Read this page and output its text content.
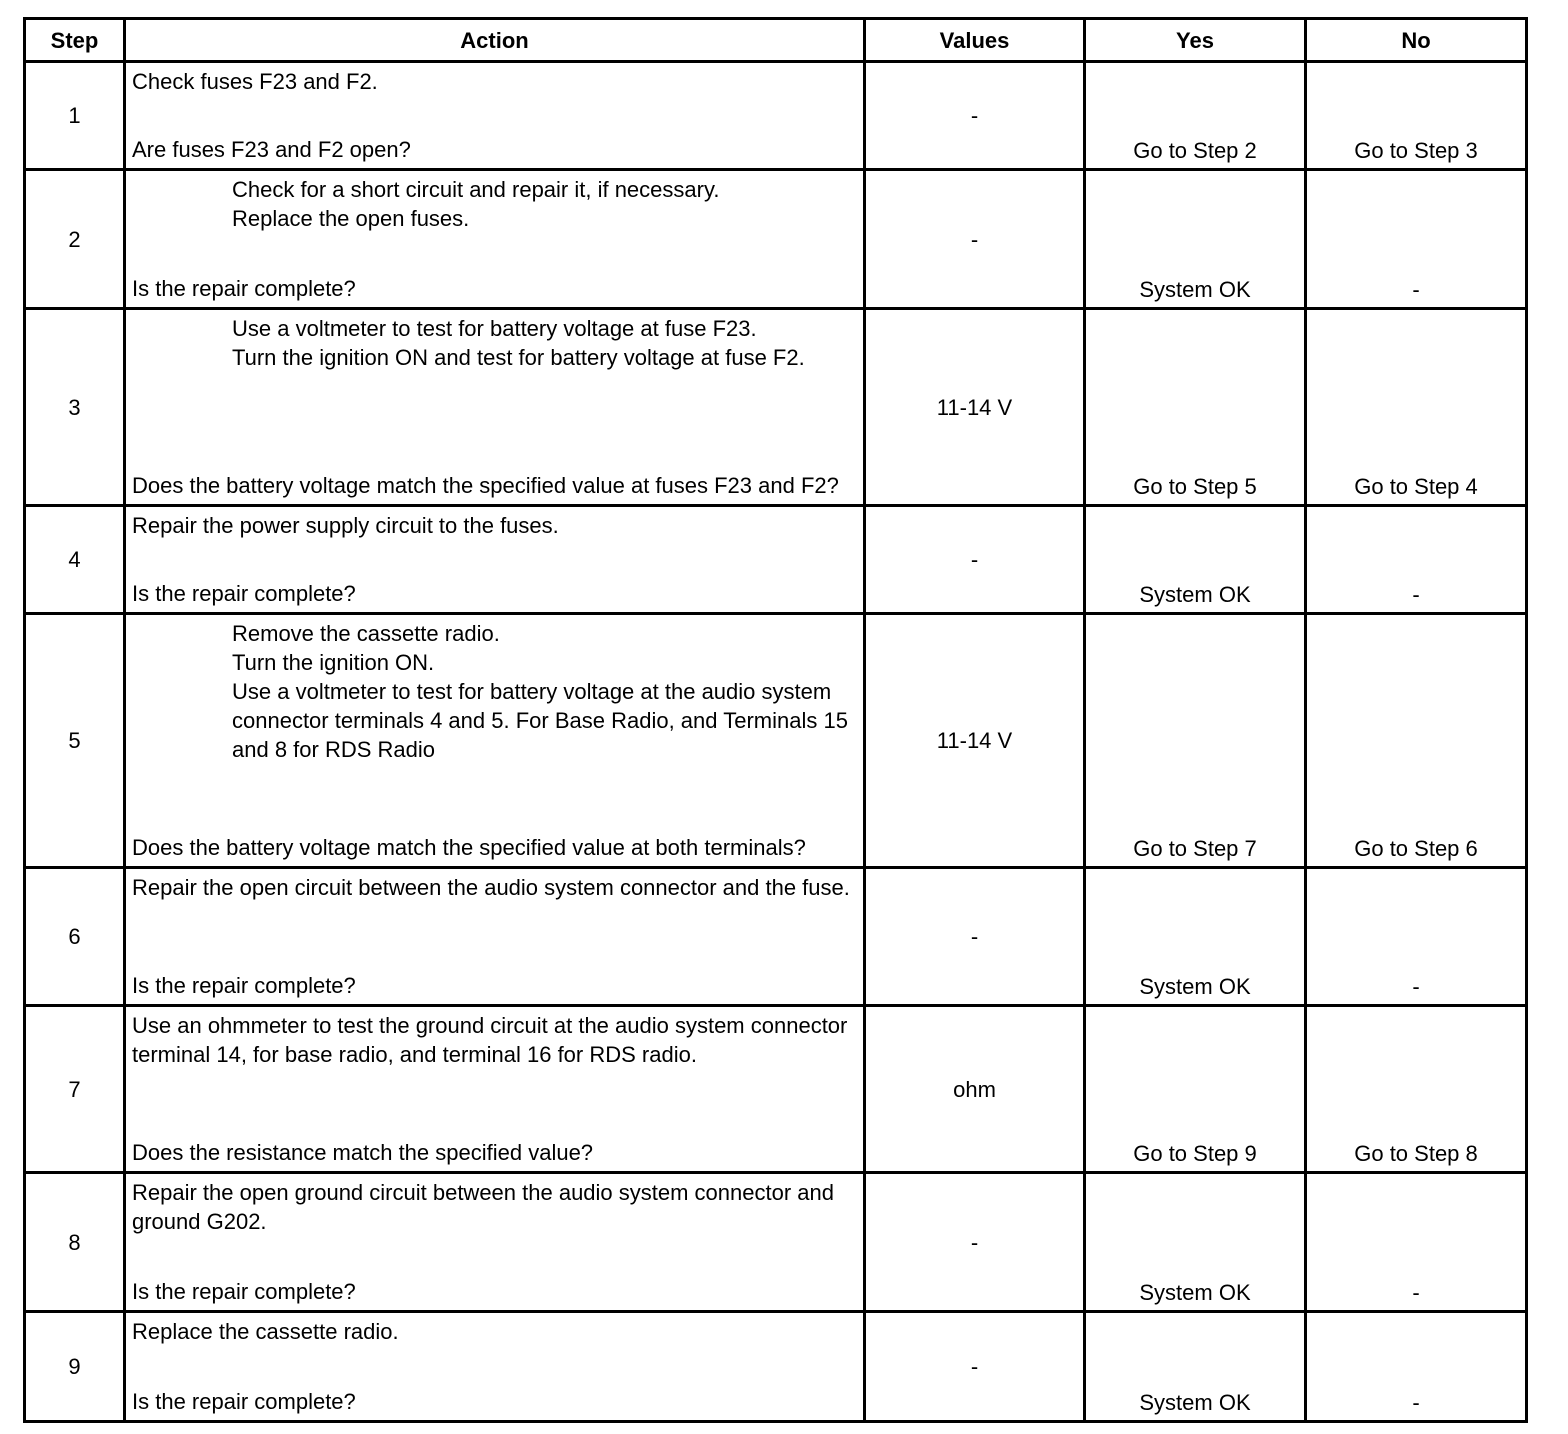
Step	Action	Values	Yes	No
1	Check fuses F23 and F2.
Are fuses F23 and F2 open?	-	Go to Step 2	Go to Step 3
2	Check for a short circuit and repair it, if necessary.
Replace the open fuses.
Is the repair complete?	-	System OK	-
3	Use a voltmeter to test for battery voltage at fuse F23.
Turn the ignition ON and test for battery voltage at fuse F2.
Does the battery voltage match the specified value at fuses F23 and F2?	11-14 V	Go to Step 5	Go to Step 4
4	Repair the power supply circuit to the fuses.
Is the repair complete?	-	System OK	-
5	Remove the cassette radio.
Turn the ignition ON.
Use a voltmeter to test for battery voltage at the audio system connector terminals 4 and 5. For Base Radio, and Terminals 15 and 8 for RDS Radio
Does the battery voltage match the specified value at both terminals?	11-14 V	Go to Step 7	Go to Step 6
6	Repair the open circuit between the audio system connector and the fuse.
Is the repair complete?	-	System OK	-
7	Use an ohmmeter to test the ground circuit at the audio system connector terminal 14, for base radio, and terminal 16 for RDS radio.
Does the resistance match the specified value?	ohm	Go to Step 9	Go to Step 8
8	Repair the open ground circuit between the audio system connector and ground G202.
Is the repair complete?	-	System OK	-
9	Replace the cassette radio.
Is the repair complete?	-	System OK	-
